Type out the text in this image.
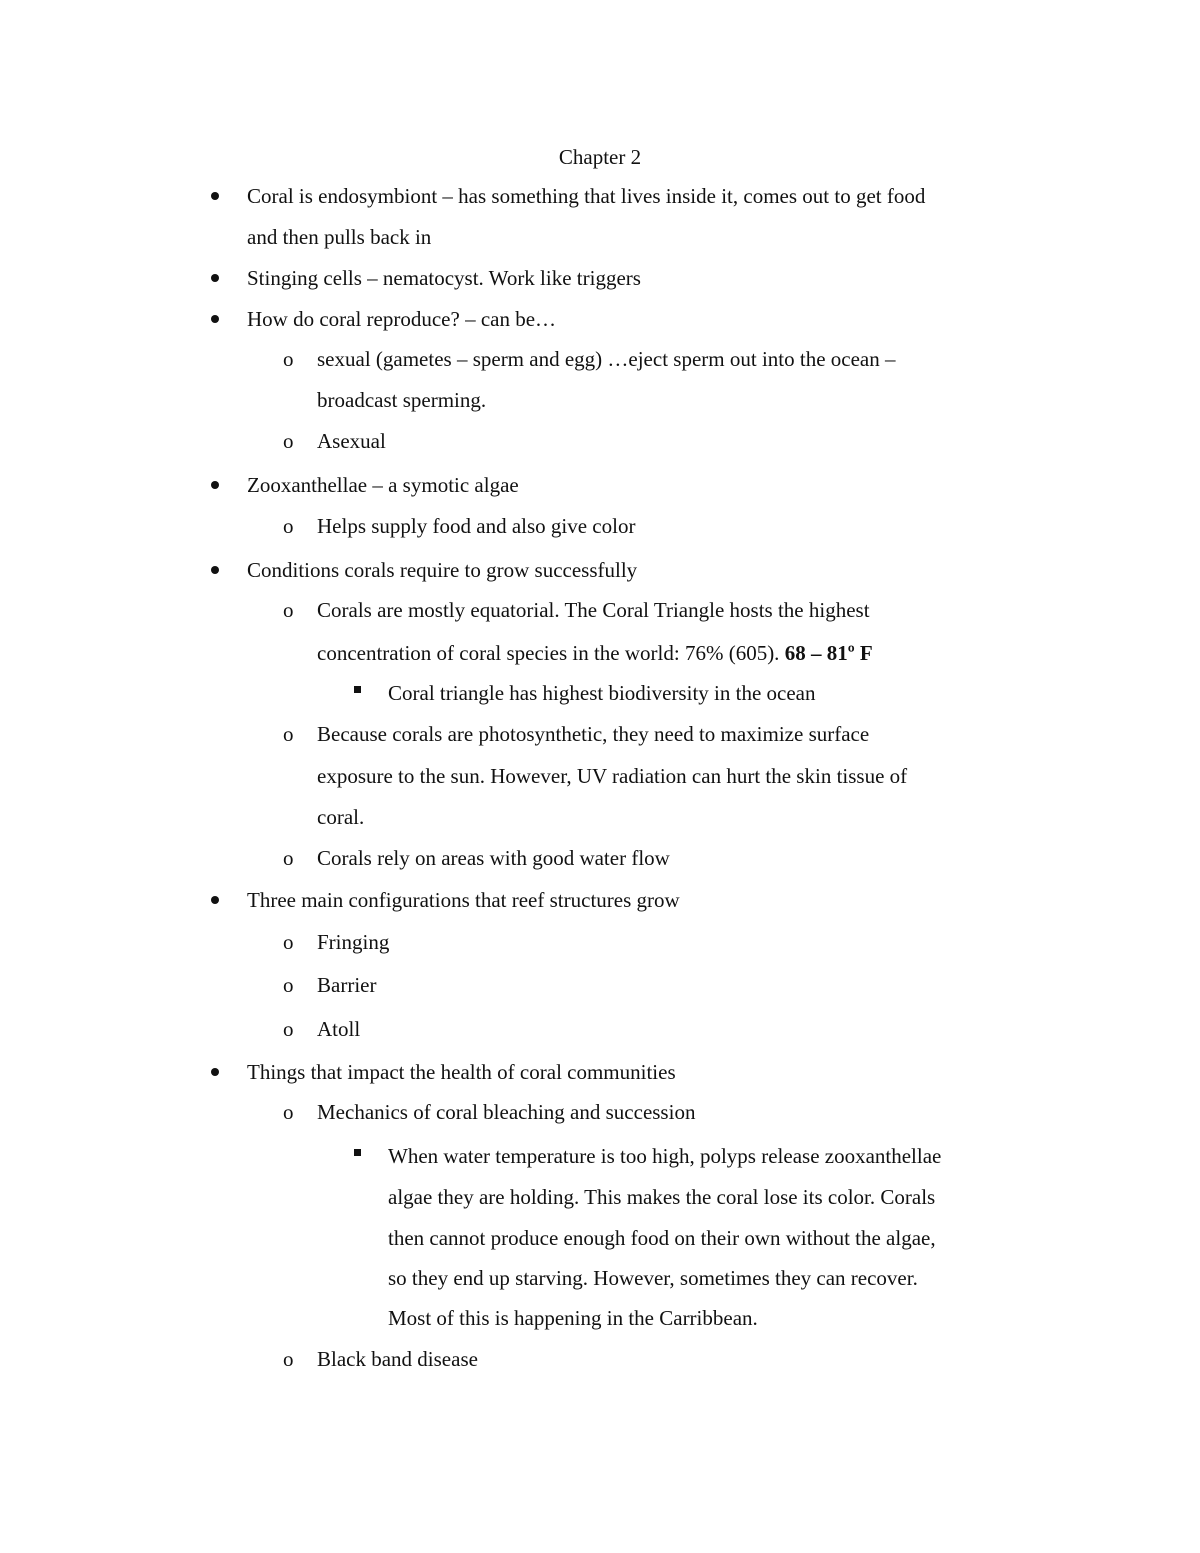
Chapter 2
Coral is endosymbiont – has something that lives inside it, comes out to get food
and then pulls back in
Stinging cells – nematocyst. Work like triggers
How do coral reproduce? – can be…
o sexual (gametes – sperm and egg) …eject sperm out into the ocean –
broadcast sperming.
o Asexual
Zooxanthellae – a symotic algae
o Helps supply food and also give color
Conditions corals require to grow successfully
o Corals are mostly equatorial. The Coral Triangle hosts the highest
concentration of coral species in the world: 76% (605). 68 – 81º F
Coral triangle has highest biodiversity in the ocean
o Because corals are photosynthetic, they need to maximize surface
exposure to the sun. However, UV radiation can hurt the skin tissue of
coral.
o Corals rely on areas with good water flow
Three main configurations that reef structures grow
o Fringing
o Barrier
o Atoll
Things that impact the health of coral communities
o Mechanics of coral bleaching and succession
When water temperature is too high, polyps release zooxanthellae
algae they are holding. This makes the coral lose its color. Corals
then cannot produce enough food on their own without the algae,
so they end up starving. However, sometimes they can recover.
Most of this is happening in the Carribbean.
o Black band disease
